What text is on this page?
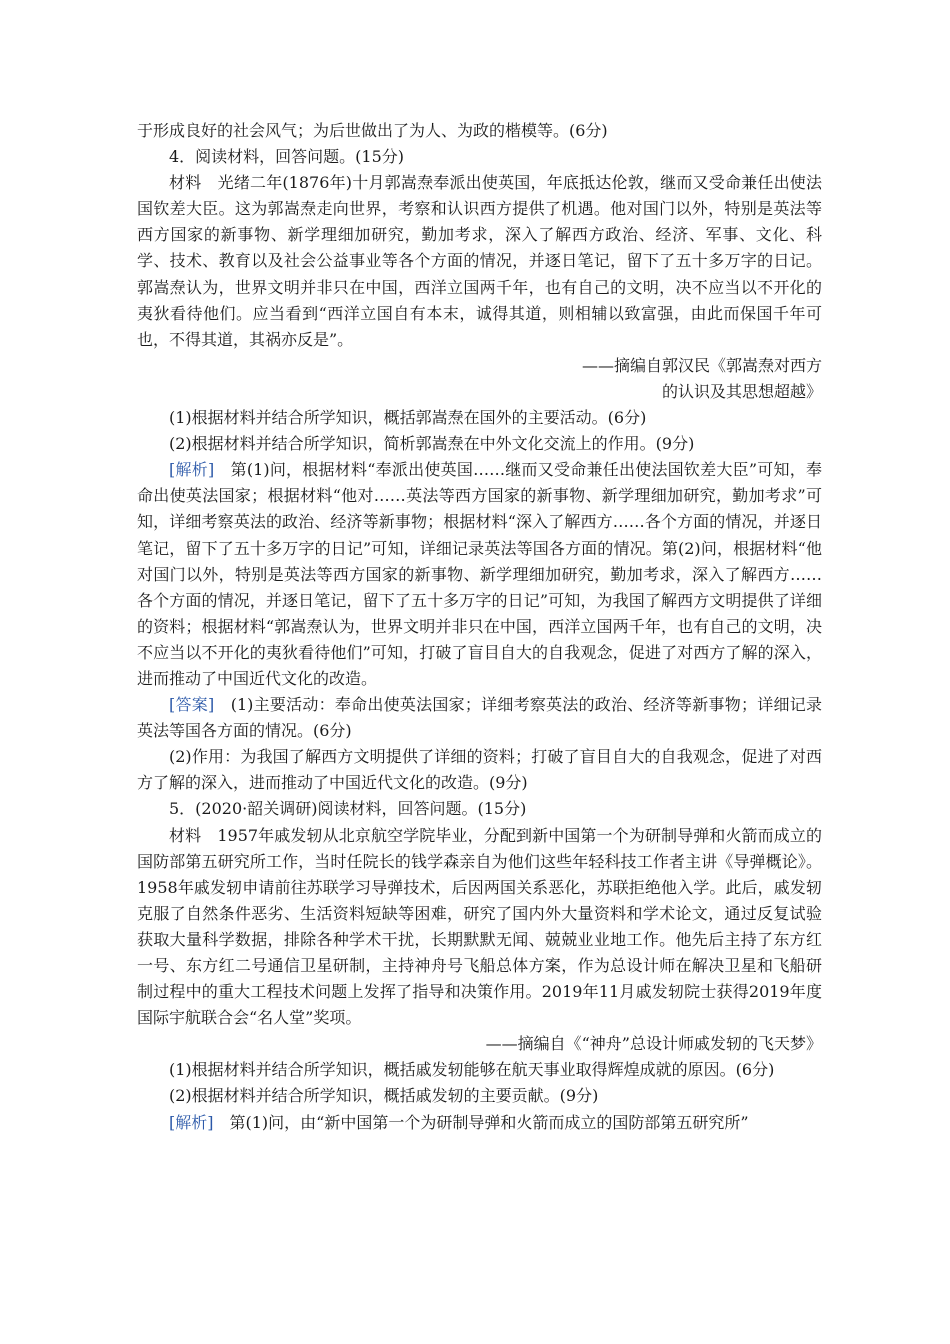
于形成良好的社会风气；为后世做出了为人、为政的楷模等。(6分)

4．阅读材料，回答问题。(15分)

材料　光绪二年(1876年)十月郭嵩焘奉派出使英国，年底抵达伦敦，继而又受命兼任出使法国钦差大臣。这为郭嵩焘走向世界，考察和认识西方提供了机遇。他对国门以外，特别是英法等西方国家的新事物、新学理细加研究，勤加考求，深入了解西方政治、经济、军事、文化、科学、技术、教育以及社会公益事业等各个方面的情况，并逐日笔记，留下了五十多万字的日记。郭嵩焘认为，世界文明并非只在中国，西洋立国两千年，也有自己的文明，决不应当以不开化的夷狄看待他们。应当看到“西洋立国自有本末，诚得其道，则相辅以致富强，由此而保国千年可也，不得其道，其祸亦反是”。

——摘编自郭汉民《郭嵩焘对西方

的认识及其思想超越》

(1)根据材料并结合所学知识，概括郭嵩焘在国外的主要活动。(6分)

(2)根据材料并结合所学知识，简析郭嵩焘在中外文化交流上的作用。(9分)

[解析]　第(1)问，根据材料“奉派出使英国……继而又受命兼任出使法国钦差大臣”可知，奉命出使英法国家；根据材料“他对……英法等西方国家的新事物、新学理细加研究，勤加考求”可知，详细考察英法的政治、经济等新事物；根据材料“深入了解西方……各个方面的情况，并逐日笔记，留下了五十多万字的日记”可知，详细记录英法等国各方面的情况。第(2)问，根据材料“他对国门以外，特别是英法等西方国家的新事物、新学理细加研究，勤加考求，深入了解西方……各个方面的情况，并逐日笔记，留下了五十多万字的日记”可知，为我国了解西方文明提供了详细的资料；根据材料“郭嵩焘认为，世界文明并非只在中国，西洋立国两千年，也有自己的文明，决不应当以不开化的夷狄看待他们”可知，打破了盲目自大的自我观念，促进了对西方了解的深入，进而推动了中国近代文化的改造。

[答案]　(1)主要活动：奉命出使英法国家；详细考察英法的政治、经济等新事物；详细记录英法等国各方面的情况。(6分)

(2)作用：为我国了解西方文明提供了详细的资料；打破了盲目自大的自我观念，促进了对西方了解的深入，进而推动了中国近代文化的改造。(9分)

5．(2020·韶关调研)阅读材料，回答问题。(15分)

材料　1957年戚发轫从北京航空学院毕业，分配到新中国第一个为研制导弹和火箭而成立的国防部第五研究所工作，当时任院长的钱学森亲自为他们这些年轻科技工作者主讲《导弹概论》。1958年戚发轫申请前往苏联学习导弹技术，后因两国关系恶化，苏联拒绝他入学。此后，戚发轫克服了自然条件恶劣、生活资料短缺等困难，研究了国内外大量资料和学术论文，通过反复试验获取大量科学数据，排除各种学术干扰，长期默默无闻、兢兢业业地工作。他先后主持了东方红一号、东方红二号通信卫星研制，主持神舟号飞船总体方案，作为总设计师在解决卫星和飞船研制过程中的重大工程技术问题上发挥了指导和决策作用。2019年11月戚发轫院士获得2019年度国际宇航联合会“名人堂”奖项。

——摘编自《“神舟”总设计师戚发轫的飞天梦》

(1)根据材料并结合所学知识，概括戚发轫能够在航天事业取得辉煌成就的原因。(6分)

(2)根据材料并结合所学知识，概括戚发轫的主要贡献。(9分)

[解析]　第(1)问，由“新中国第一个为研制导弹和火箭而成立的国防部第五研究所”
